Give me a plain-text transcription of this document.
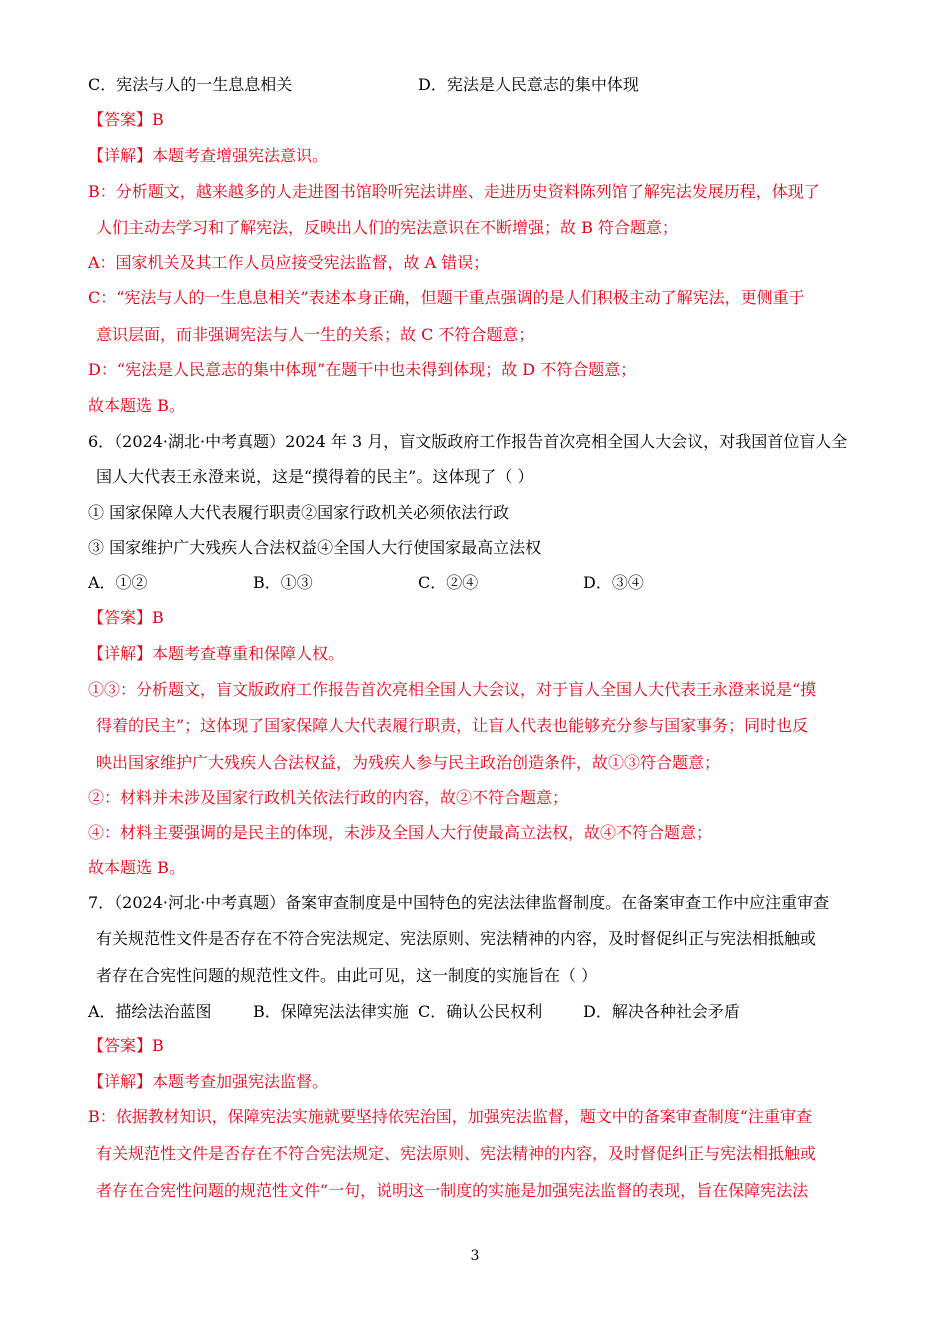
C．宪法与人的一生息息相关	D．宪法是人民意志的集中体现
【答案】B
【详解】本题考查增强宪法意识。
B：分析题文，越来越多的人走进图书馆聆听宪法讲座、走进历史资料陈列馆了解宪法发展历程，体现了
人们主动去学习和了解宪法，反映出人们的宪法意识在不断增强；故 B 符合题意；
A：国家机关及其工作人员应接受宪法监督，故 A 错误；
C：“宪法与人的一生息息相关”表述本身正确，但题干重点强调的是人们积极主动了解宪法，更侧重于
意识层面，而非强调宪法与人一生的关系；故 C 不符合题意；
D：“宪法是人民意志的集中体现”在题干中也未得到体现；故 D 不符合题意；
故本题选 B。
6．（2024·湖北·中考真题）2024 年 3 月，盲文版政府工作报告首次亮相全国人大会议，对我国首位盲人全
国人大代表王永澄来说，这是“摸得着的民主”。这体现了（ ）
① 国家保障人大代表履行职责②国家行政机关必须依法行政
③ 国家维护广大残疾人合法权益④全国人大行使国家最高立法权
A．①②	B．①③	C．②④	D．③④
【答案】B
【详解】本题考查尊重和保障人权。
①③：分析题文，盲文版政府工作报告首次亮相全国人大会议，对于盲人全国人大代表王永澄来说是“摸
得着的民主”；这体现了国家保障人大代表履行职责，让盲人代表也能够充分参与国家事务；同时也反
映出国家维护广大残疾人合法权益，为残疾人参与民主政治创造条件，故①③符合题意；
②：材料并未涉及国家行政机关依法行政的内容，故②不符合题意；
④：材料主要强调的是民主的体现，未涉及全国人大行使最高立法权，故④不符合题意；
故本题选 B。
7．（2024·河北·中考真题）备案审查制度是中国特色的宪法法律监督制度。在备案审查工作中应注重审查
有关规范性文件是否存在不符合宪法规定、宪法原则、宪法精神的内容，及时督促纠正与宪法相抵触或
者存在合宪性问题的规范性文件。由此可见，这一制度的实施旨在（ ）
A．描绘法治蓝图	B．保障宪法法律实施 C．确认公民权利	D．解决各种社会矛盾
【答案】B
【详解】本题考查加强宪法监督。
B：依据教材知识，保障宪法实施就要坚持依宪治国，加强宪法监督，题文中的备案审查制度“注重审查
有关规范性文件是否存在不符合宪法规定、宪法原则、宪法精神的内容，及时督促纠正与宪法相抵触或
者存在合宪性问题的规范性文件”一句，说明这一制度的实施是加强宪法监督的表现，旨在保障宪法法
3
